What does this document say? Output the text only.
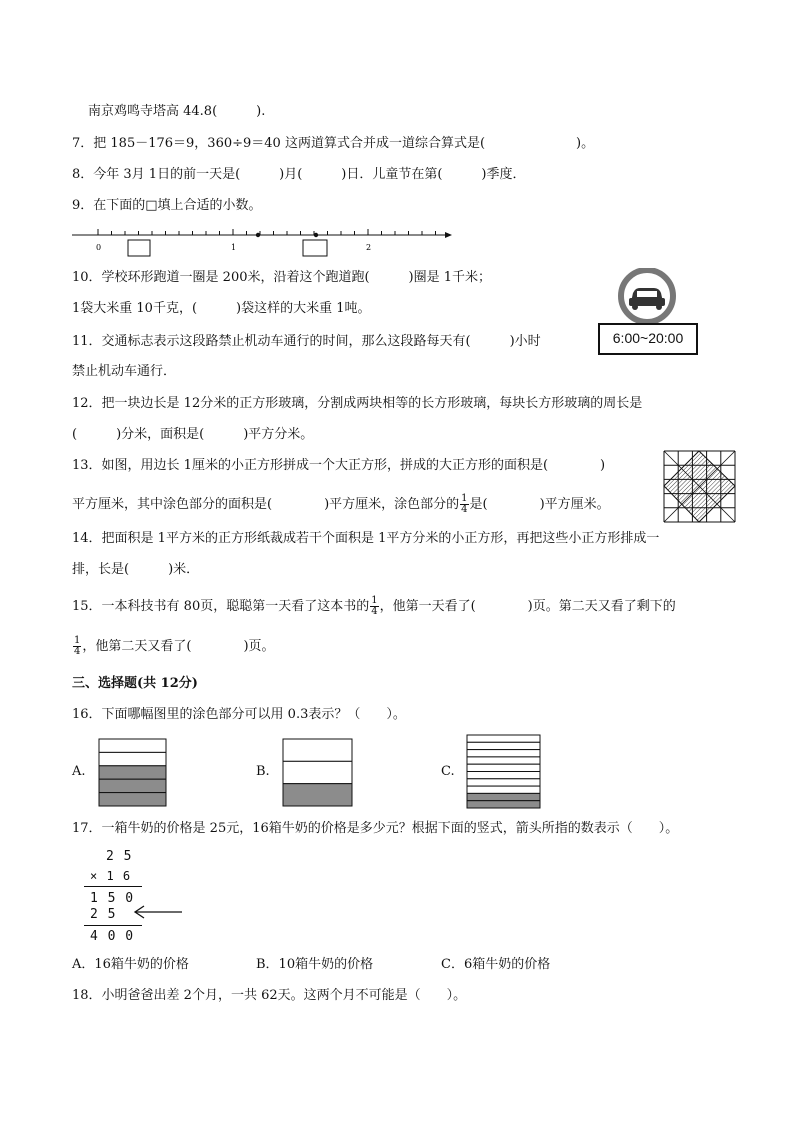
南京鸡鸣寺塔高 44.8(　　　).
7．把 185－176＝9，360÷9＝40 这两道算式合并成一道综合算式是(　　　　　　　)。
8．今年 3月 1日的前一天是(　　　)月(　　　)日．儿童节在第(　　　)季度．
9．在下面的□填上合适的小数。
0	1	2
10．学校环形跑道一圈是 200米，沿着这个跑道跑(　　　)圈是 1千米；
1袋大米重 10千克，(　　　)袋这样的大米重 1吨。
11．交通标志表示这段路禁止机动车通行的时间，那么这段路每天有(　　　)小时
禁止机动车通行．
6:00~20:00
12．把一块边长是 12分米的正方形玻璃，分割成两块相等的长方形玻璃，每块长方形玻璃的周长是
(　　　)分米，面积是(　　　)平方分米。
13．如图，用边长 1厘米的小正方形拼成一个大正方形，拼成的大正方形的面积是(　　　　)
平方厘米，其中涂色部分的面积是(　　　　)平方厘米，涂色部分的 $\frac{1}{4}$ 是(　　　　)平方厘米。
14．把面积是 1平方米的正方形纸裁成若干个面积是 1平方分米的小正方形，再把这些小正方形排成一
排，长是(　　　)米．
15．一本科技书有 80页，聪聪第一天看了这本书的 $\frac{1}{4}$ ，他第一天看了(　　　　)页。第二天又看了剩下的
$\frac{1}{4}$ ，他第二天又看了(　　　　)页。
三、选择题(共 12分)
16．下面哪幅图里的涂色部分可以用 0.3表示？（　　）。
A.	B.	C.
17．一箱牛奶的价格是 25元，16箱牛奶的价格是多少元？根据下面的竖式，箭头所指的数表示（　　）。
2 5
× 1 6
1 5 0
2 5
4 0 0
A．16箱牛奶的价格	B．10箱牛奶的价格	C．6箱牛奶的价格
18．小明爸爸出差 2个月，一共 62天。这两个月不可能是（　　）。
